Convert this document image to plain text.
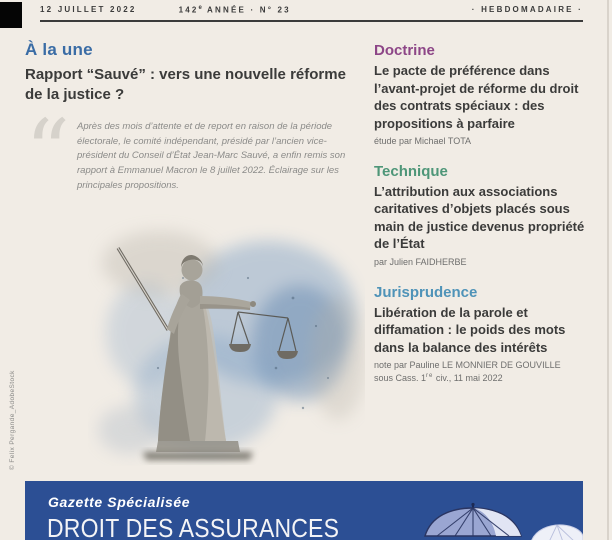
12 JUILLET 2022	142e ANNÉE · N° 23	· HEBDOMADAIRE ·
À la une
Rapport “Sauvé” : vers une nouvelle réforme de la justice ?
“ Après des mois d’attente et de report en raison de la période électorale, le comité indépendant, présidé par l’ancien vice-président du Conseil d’État Jean-Marc Sauvé, a enfin remis son rapport à Emmanuel Macron le 8 juillet 2022. Éclairage sur les principales propositions.
© Felix Pergande_AdobeStock
Doctrine
Le pacte de préférence dans l’avant-projet de réforme du droit des contrats spéciaux : des propositions à parfaire
étude par Michael TOTA
Technique
L’attribution aux associations caritatives d’objets placés sous main de justice devenus propriété de l’État
par Julien FAIDHERBE
Jurisprudence
Libération de la parole et diffamation : le poids des mots dans la balance des intérêts
note par Pauline LE MONNIER DE GOUVILLE
sous Cass. 1re civ., 11 mai 2022
Gazette Spécialisée
DROIT DES ASSURANCES
